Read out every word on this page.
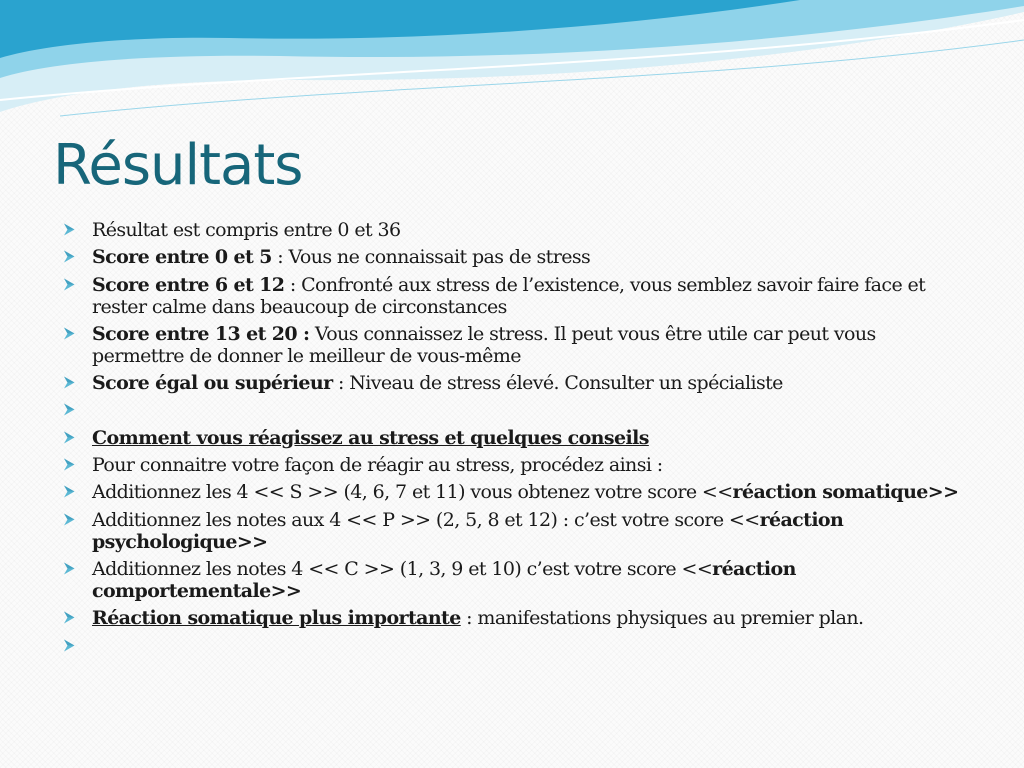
Résultats
Résultat est compris entre 0 et 36
Score entre 0 et 5 : Vous ne connaissait pas de stress
Score entre 6 et 12 : Confronté aux stress de l’existence, vous semblez savoir faire face et rester calme dans beaucoup de circonstances
Score entre 13 et 20 : Vous connaissez le stress. Il peut vous être utile car peut vous permettre de donner le meilleur de vous-même
Score égal ou supérieur : Niveau de stress élevé. Consulter un spécialiste
Comment vous réagissez au stress et quelques conseils
Pour connaitre votre façon de réagir au stress, procédez ainsi :
Additionnez les 4 << S >> (4, 6, 7 et 11) vous obtenez votre score <<réaction somatique>>
Additionnez les notes aux 4 << P >> (2, 5, 8 et 12) : c’est votre score <<réaction psychologique>>
Additionnez les notes 4 << C >> (1, 3, 9 et 10) c’est votre score <<réaction comportementale>>
Réaction somatique plus importante : manifestations physiques au premier plan.
